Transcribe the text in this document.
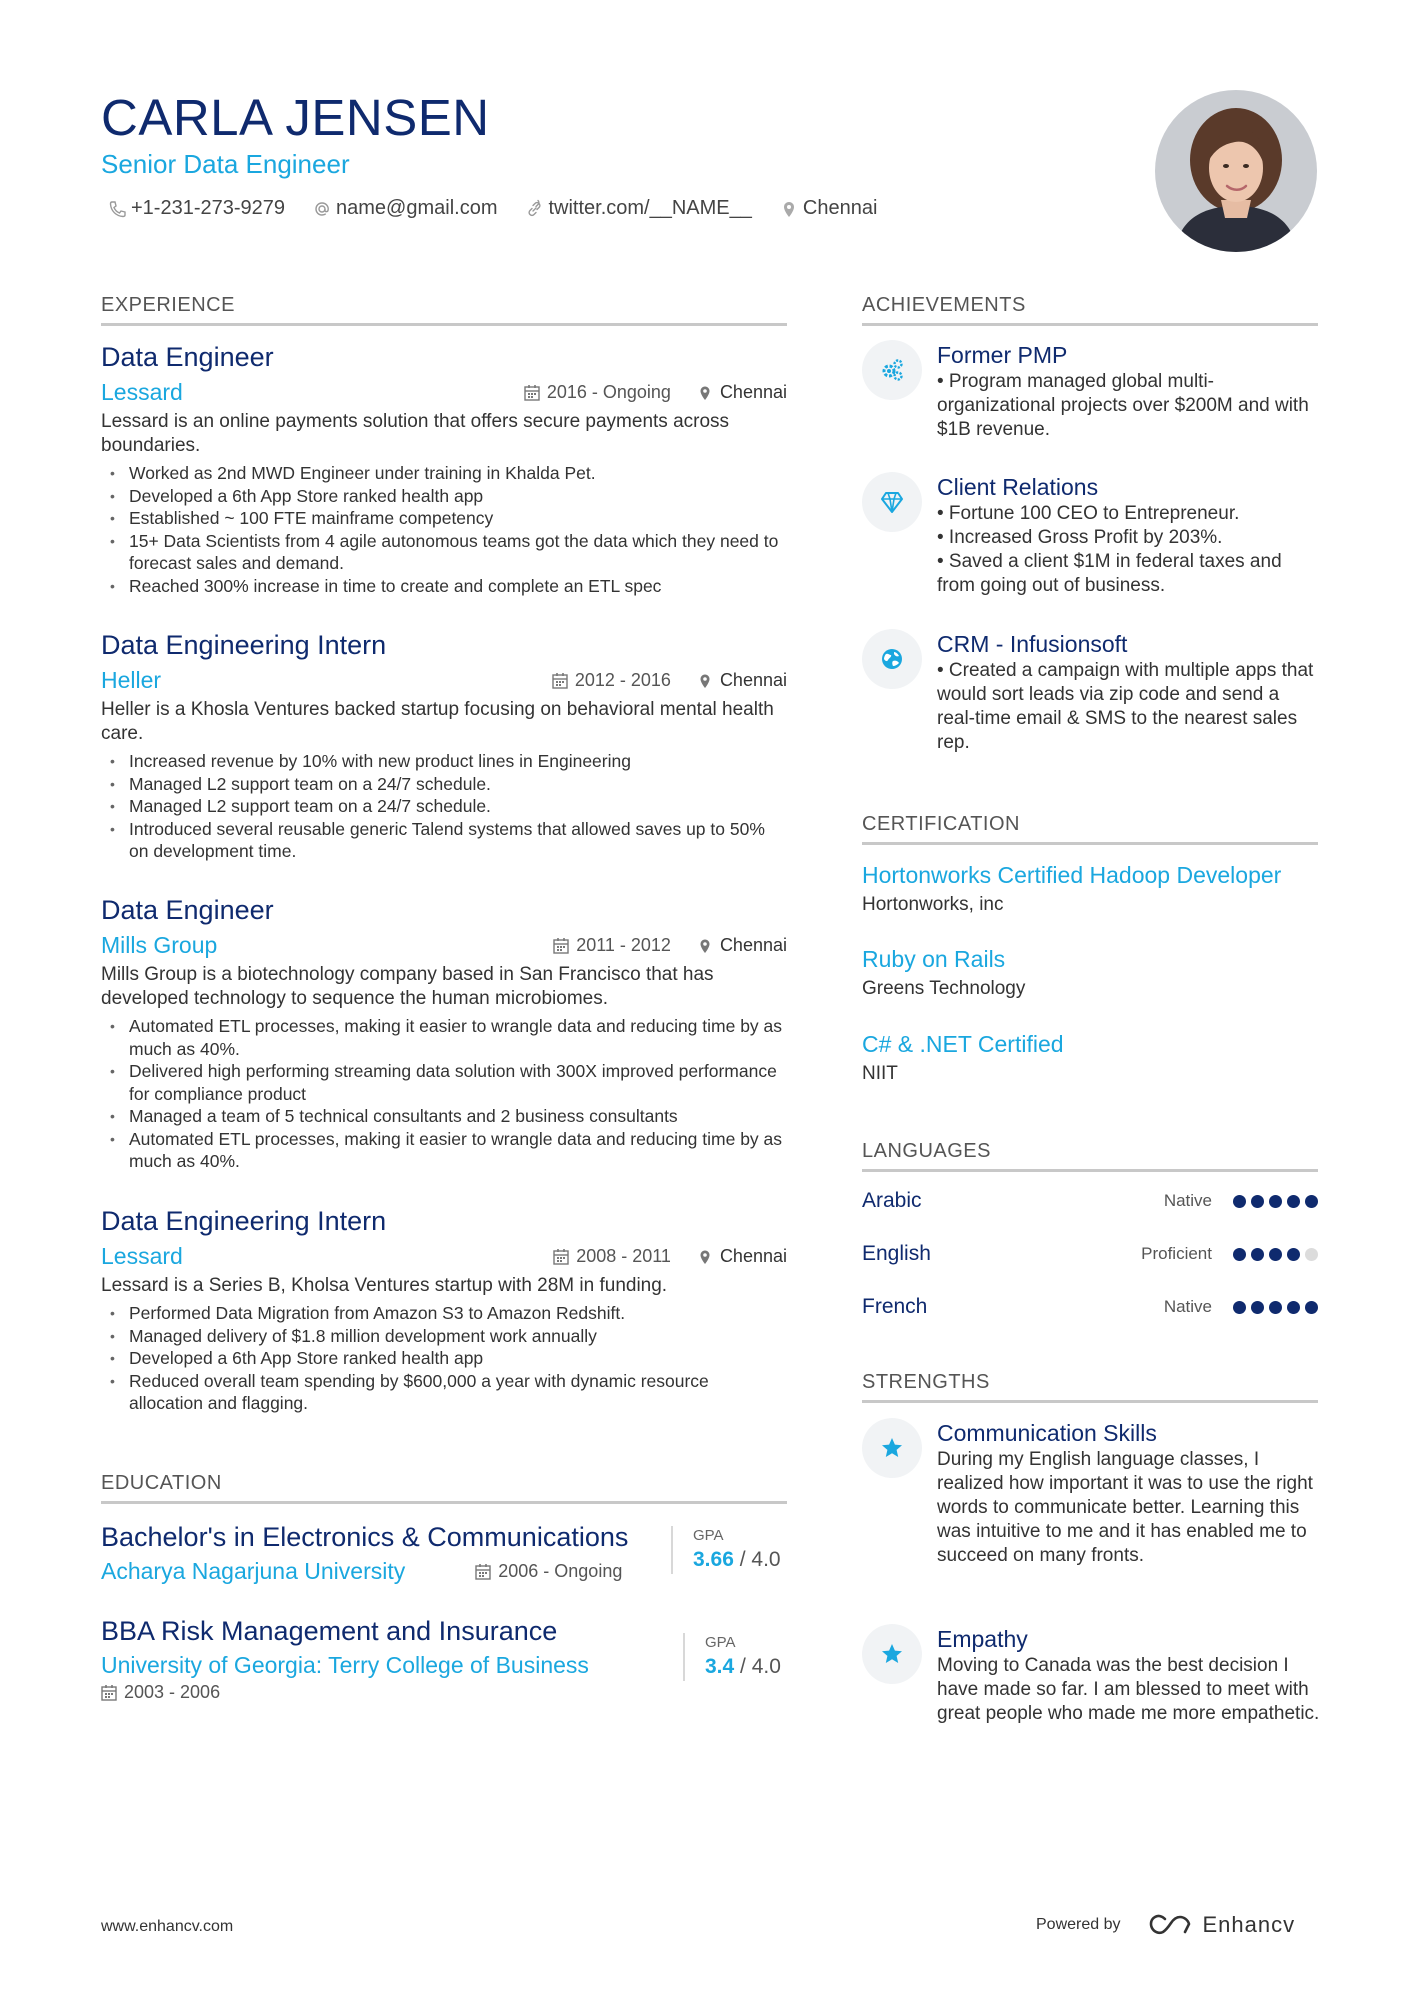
CARLA JENSEN
Senior Data Engineer
+1-231-273-9279	name@gmail.com	twitter.com/__NAME__	Chennai
EXPERIENCE
Data Engineer
Lessard	2016 - Ongoing	Chennai
Lessard is an online payments solution that offers secure payments across boundaries.
• Worked as 2nd MWD Engineer under training in Khalda Pet.
• Developed a 6th App Store ranked health app
• Established ~ 100 FTE mainframe competency
• 15+ Data Scientists from 4 agile autonomous teams got the data which they need to forecast sales and demand.
• Reached 300% increase in time to create and complete an ETL spec
Data Engineering Intern
Heller	2012 - 2016	Chennai
Heller is a Khosla Ventures backed startup focusing on behavioral mental health care.
• Increased revenue by 10% with new product lines in Engineering
• Managed L2 support team on a 24/7 schedule.
• Managed L2 support team on a 24/7 schedule.
• Introduced several reusable generic Talend systems that allowed saves up to 50% on development time.
Data Engineer
Mills Group	2011 - 2012	Chennai
Mills Group is a biotechnology company based in San Francisco that has developed technology to sequence the human microbiomes.
• Automated ETL processes, making it easier to wrangle data and reducing time by as much as 40%.
• Delivered high performing streaming data solution with 300X improved performance for compliance product
• Managed a team of 5 technical consultants and 2 business consultants
• Automated ETL processes, making it easier to wrangle data and reducing time by as much as 40%.
Data Engineering Intern
Lessard	2008 - 2011	Chennai
Lessard is a Series B, Kholsa Ventures startup with 28M in funding.
• Performed Data Migration from Amazon S3 to Amazon Redshift.
• Managed delivery of $1.8 million development work annually
• Developed a 6th App Store ranked health app
• Reduced overall team spending by $600,000 a year with dynamic resource allocation and flagging.
EDUCATION
Bachelor's in Electronics & Communications
Acharya Nagarjuna University	2006 - Ongoing
GPA
3.66 / 4.0
BBA Risk Management and Insurance
University of Georgia: Terry College of Business
2003 - 2006
GPA
3.4 / 4.0
ACHIEVEMENTS
Former PMP
• Program managed global multi-organizational projects over $200M and with $1B revenue.
Client Relations
• Fortune 100 CEO to Entrepreneur.
• Increased Gross Profit by 203%.
• Saved a client $1M in federal taxes and from going out of business.
CRM - Infusionsoft
• Created a campaign with multiple apps that would sort leads via zip code and send a real-time email & SMS to the nearest sales rep.
CERTIFICATION
Hortonworks Certified Hadoop Developer
Hortonworks, inc
Ruby on Rails
Greens Technology
C# & .NET Certified
NIIT
LANGUAGES
Arabic	Native
English	Proficient
French	Native
STRENGTHS
Communication Skills
During my English language classes, I realized how important it was to use the right words to communicate better. Learning this was intuitive to me and it has enabled me to succeed on many fronts.
Empathy
Moving to Canada was the best decision I have made so far. I am blessed to meet with great people who made me more empathetic.
www.enhancv.com	Powered by	Enhancv
